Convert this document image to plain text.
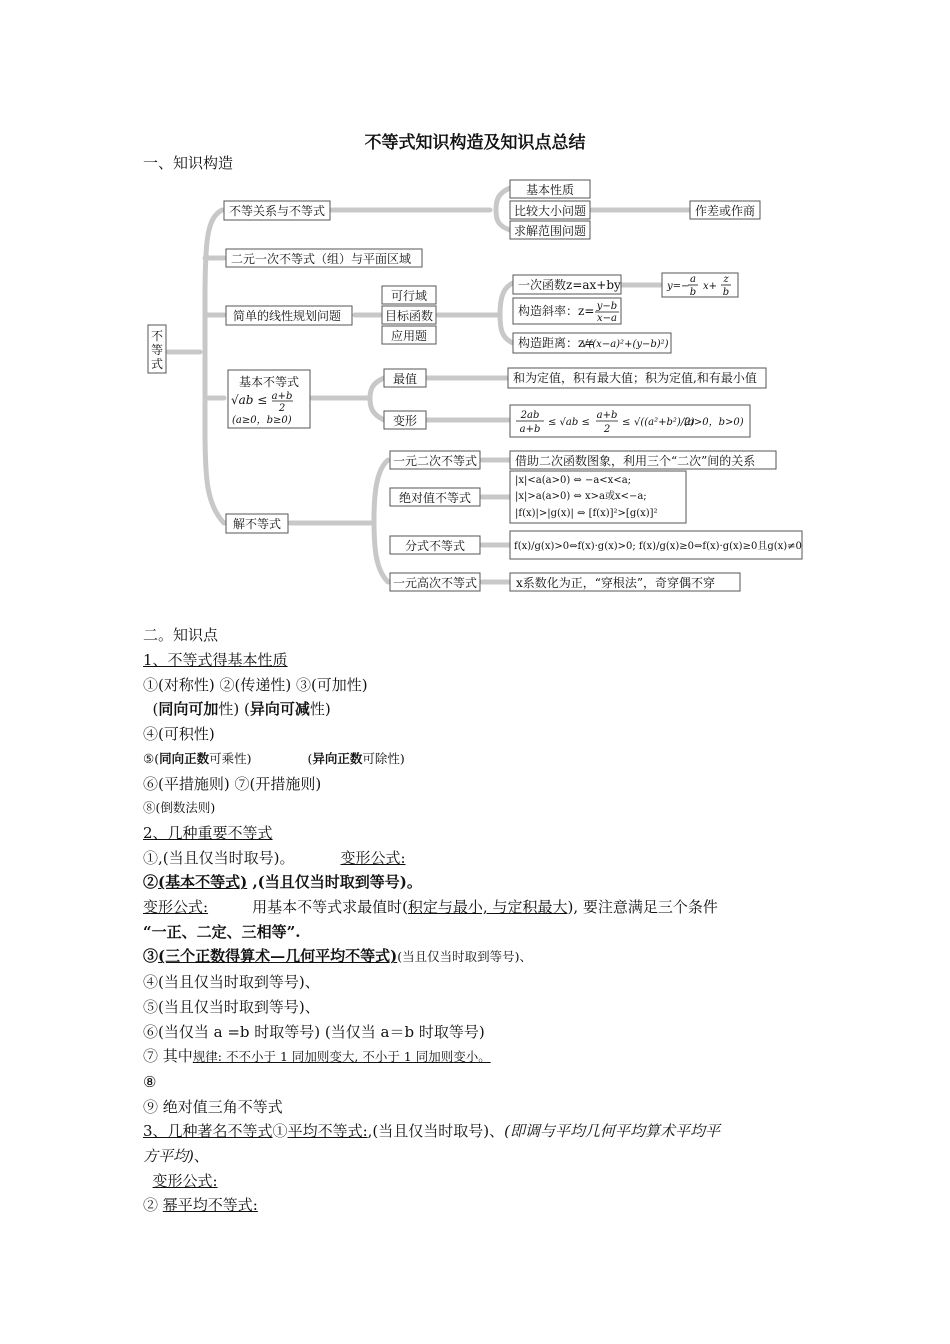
不等式知识构造及知识点总结
一、知识构造
不
等
式
不等关系与不等式
二元一次不等式（组）与平面区域
简单的线性规划问题
基本不等式
√ab ≤ a+b
2
(a≥0，b≥0)
解不等式
基本性质
比较大小问题
求解范围问题
作差或作商
可行域
目标函数
应用题
一次函数z=ax+by
构造斜率：z= y−b
x−a
构造距离：z=
√((x−a)²+(y−b)²)
y=−
a
b
x+
z
b
最值
变形
和为定值，积有最大值；积为定值,和有最小值
2ab
a+b
≤ √ab ≤
a+b
2
≤ √((a²+b²)/2)
(a>0，b>0)
一元二次不等式
绝对值不等式
分式不等式
一元高次不等式
借助二次函数图象，利用三个“二次”间的关系
|x|<a(a>0) ⇔ −a<x<a;
|x|>a(a>0) ⇔ x>a或x<−a;
|f(x)|>|g(x)| ⇔ [f(x)]²>[g(x)]²
f(x)/g(x)>0⇔f(x)·g(x)>0; f(x)/g(x)≥0⇔f(x)·g(x)≥0且g(x)≠0
x系数化为正，“穿根法”，奇穿偶不穿
二。知识点
1、不等式得基本性质
①(对称性) ②(传递性) ③(可加性)
(同向可加性) (异向可减性)
④(可积性)
⑤(同向正数可乘性)	(异向正数可除性)
⑥(平措施则) ⑦(开措施则)
⑧(倒数法则)
2、几种重要不等式
①,(当且仅当时取号)。	变形公式:
②(基本不等式) ,(当且仅当时取到等号)。
变形公式:	用基本不等式求最值时(积定与最小, 与定积最大), 要注意满足三个条件
“一正、二定、三相等”.
③(三个正数得算术—几何平均不等式)(当且仅当时取到等号)、
④(当且仅当时取到等号)、
⑤(当且仅当时取到等号)、
⑥(当仅当 a =b 时取等号) (当仅当 a＝b 时取等号)
⑦ 其中规律: 不不小于 1 同加则变大, 不小于 1 同加则变小。
⑧
⑨ 绝对值三角不等式
3、几种著名不等式①平均不等式:,(当且仅当时取号)、(即调与平均几何平均算术平均平
方平均)、
变形公式:
② 幂平均不等式:
